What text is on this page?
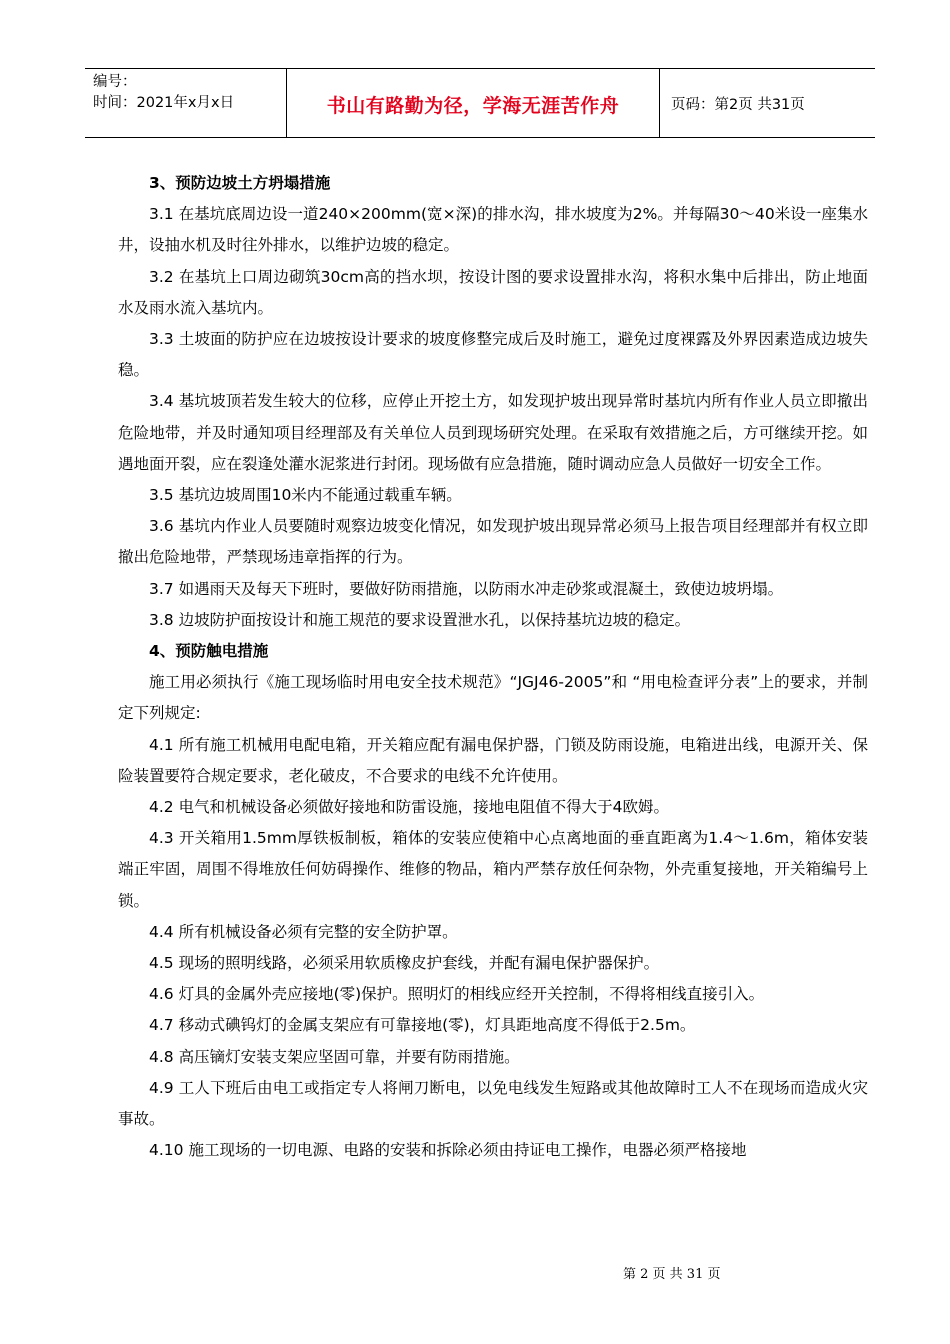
编号：
时间：2021年x月x日	书山有路勤为径，学海无涯苦作舟	页码：第2页 共31页

3、预防边坡土方坍塌措施

3.1 在基坑底周边设一道240×200mm(宽×深)的排水沟，排水坡度为2%。并每隔30～40米设一座集水井，设抽水机及时往外排水，以维护边坡的稳定。

3.2 在基坑上口周边砌筑30cm高的挡水坝，按设计图的要求设置排水沟，将积水集中后排出，防止地面水及雨水流入基坑内。

3.3 土坡面的防护应在边坡按设计要求的坡度修整完成后及时施工，避免过度裸露及外界因素造成边坡失稳。

3.4 基坑坡顶若发生较大的位移，应停止开挖土方，如发现护坡出现异常时基坑内所有作业人员立即撤出危险地带，并及时通知项目经理部及有关单位人员到现场研究处理。在采取有效措施之后，方可继续开挖。如遇地面开裂，应在裂逢处灌水泥浆进行封闭。现场做有应急措施，随时调动应急人员做好一切安全工作。

3.5 基坑边坡周围10米内不能通过载重车辆。

3.6 基坑内作业人员要随时观察边坡变化情况，如发现护坡出现异常必须马上报告项目经理部并有权立即撤出危险地带，严禁现场违章指挥的行为。

3.7 如遇雨天及每天下班时，要做好防雨措施，以防雨水冲走砂浆或混凝土，致使边坡坍塌。

3.8 边坡防护面按设计和施工规范的要求设置泄水孔，以保持基坑边坡的稳定。

4、预防触电措施

施工用必须执行《施工现场临时用电安全技术规范》“JGJ46-2005”和 “用电检查评分表”上的要求，并制定下列规定:

4.1 所有施工机械用电配电箱，开关箱应配有漏电保护器，门锁及防雨设施，电箱进出线，电源开关、保险装置要符合规定要求，老化破皮，不合要求的电线不允许使用。

4.2 电气和机械设备必须做好接地和防雷设施，接地电阻值不得大于4欧姆。

4.3 开关箱用1.5mm厚铁板制板，箱体的安装应使箱中心点离地面的垂直距离为1.4～1.6m，箱体安装端正牢固，周围不得堆放任何妨碍操作、维修的物品，箱内严禁存放任何杂物，外壳重复接地，开关箱编号上锁。

4.4 所有机械设备必须有完整的安全防护罩。

4.5 现场的照明线路，必须采用软质橡皮护套线，并配有漏电保护器保护。

4.6 灯具的金属外壳应接地(零)保护。照明灯的相线应经开关控制，不得将相线直接引入。

4.7 移动式碘钨灯的金属支架应有可靠接地(零)，灯具距地高度不得低于2.5m。

4.8 高压镝灯安装支架应坚固可靠，并要有防雨措施。

4.9 工人下班后由电工或指定专人将闸刀断电，以免电线发生短路或其他故障时工人不在现场而造成火灾事故。

4.10 施工现场的一切电源、电路的安装和拆除必须由持证电工操作，电器必须严格接地

第 2 页 共 31 页
